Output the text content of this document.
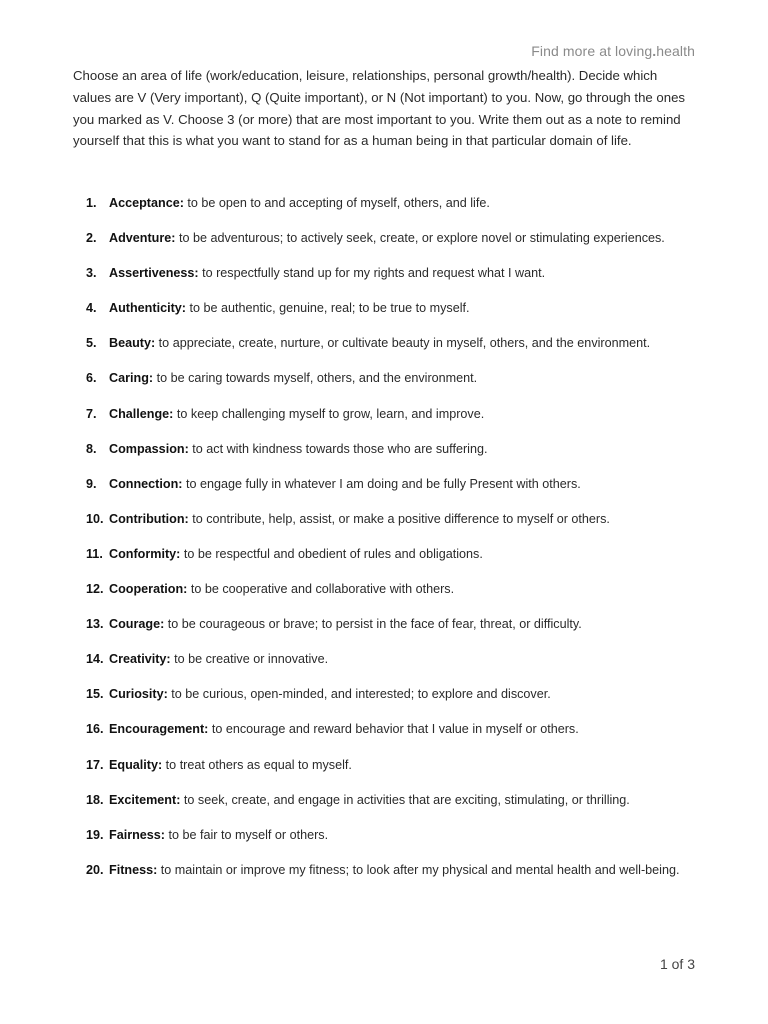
Find more at loving.health

Choose an area of life (work/education, leisure, relationships, personal growth/health). Decide which values are V (Very important), Q (Quite important), or N (Not important) to you. Now, go through the ones you marked as V. Choose 3 (or more) that are most important to you. Write them out as a note to remind yourself that this is what you want to stand for as a human being in that particular domain of life.

1. Acceptance: to be open to and accepting of myself, others, and life.
2. Adventure: to be adventurous; to actively seek, create, or explore novel or stimulating experiences.
3. Assertiveness: to respectfully stand up for my rights and request what I want.
4. Authenticity: to be authentic, genuine, real; to be true to myself.
5. Beauty: to appreciate, create, nurture, or cultivate beauty in myself, others, and the environment.
6. Caring: to be caring towards myself, others, and the environment.
7. Challenge: to keep challenging myself to grow, learn, and improve.
8. Compassion: to act with kindness towards those who are suffering.
9. Connection: to engage fully in whatever I am doing and be fully Present with others.
10. Contribution: to contribute, help, assist, or make a positive difference to myself or others.
11. Conformity: to be respectful and obedient of rules and obligations.
12. Cooperation: to be cooperative and collaborative with others.
13. Courage: to be courageous or brave; to persist in the face of fear, threat, or difficulty.
14. Creativity: to be creative or innovative.
15. Curiosity: to be curious, open-minded, and interested; to explore and discover.
16. Encouragement: to encourage and reward behavior that I value in myself or others.
17. Equality: to treat others as equal to myself.
18. Excitement: to seek, create, and engage in activities that are exciting, stimulating, or thrilling.
19. Fairness: to be fair to myself or others.
20. Fitness: to maintain or improve my fitness; to look after my physical and mental health and well-being.
1 of 3
